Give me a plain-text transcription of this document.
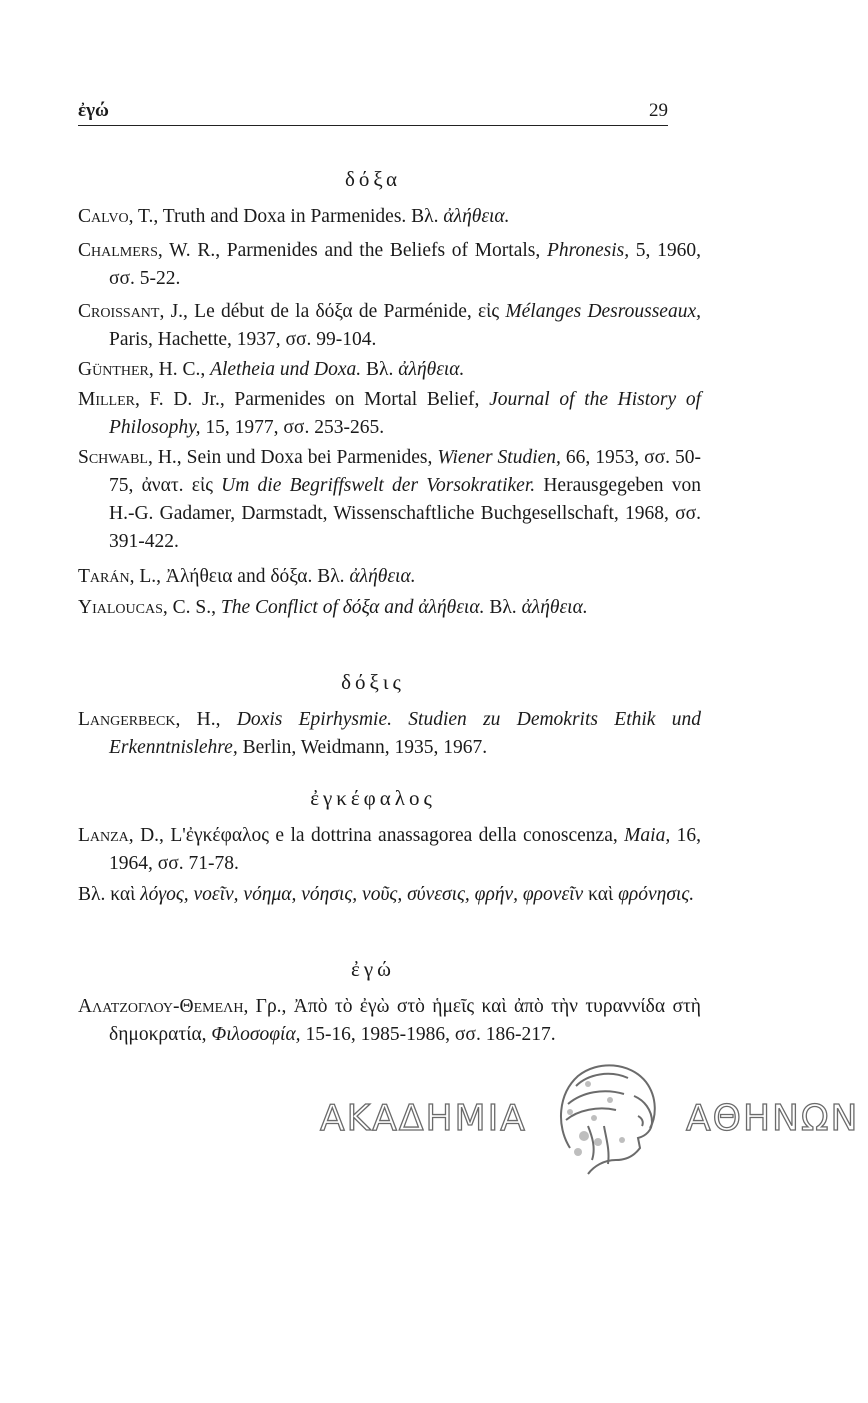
ἐγώ	29
δόξα
Calvo, T., Truth and Doxa in Parmenides. Βλ. ἀλήθεια.
Chalmers, W. R., Parmenides and the Beliefs of Mortals, Phronesis, 5, 1960, σσ. 5-22.
Croissant, J., Le début de la δόξα de Parménide, εἰς Mélanges Desrousseaux, Paris, Hachette, 1937, σσ. 99-104.
Günther, H. C., Aletheia und Doxa. Βλ. ἀλήθεια.
Miller, F. D. Jr., Parmenides on Mortal Belief, Journal of the History of Philosophy, 15, 1977, σσ. 253-265.
Schwabl, H., Sein und Doxa bei Parmenides, Wiener Studien, 66, 1953, σσ. 50-75, ἀνατ. εἰς Um die Begriffswelt der Vorsokratiker. Herausgegeben von H.-G. Gadamer, Darmstadt, Wissenschaftliche Buchgesellschaft, 1968, σσ. 391-422.
Tarán, L., Ἀλήθεια and δόξα. Βλ. ἀλήθεια.
Yialoucas, C. S., The Conflict of δόξα and ἀλήθεια. Βλ. ἀλήθεια.
δόξις
Langerbeck, H., Doxis Epirhysmie. Studien zu Demokrits Ethik und Erkenntnislehre, Berlin, Weidmann, 1935, 1967.
ἐγκέφαλος
Lanza, D., L'ἐγκέφαλος e la dottrina anassagorea della conoscenza, Maia, 16, 1964, σσ. 71-78.
Βλ. καὶ λόγος, νοεῖν, νόημα, νόησις, νοῦς, σύνεσις, φρήν, φρονεῖν καὶ φρόνησις.
ἐγώ
Αλατζογλου-Θεμελη, Γρ., Ἀπὸ τὸ ἐγὼ στὸ ἡμεῖς καὶ ἀπὸ τὴν τυραννίδα στὴ δημοκρατία, Φιλοσοφία, 15-16, 1985-1986, σσ. 186-217.
ΑΚΑΔΗΜΙΑ	ΑΘΗΝΩΝ
